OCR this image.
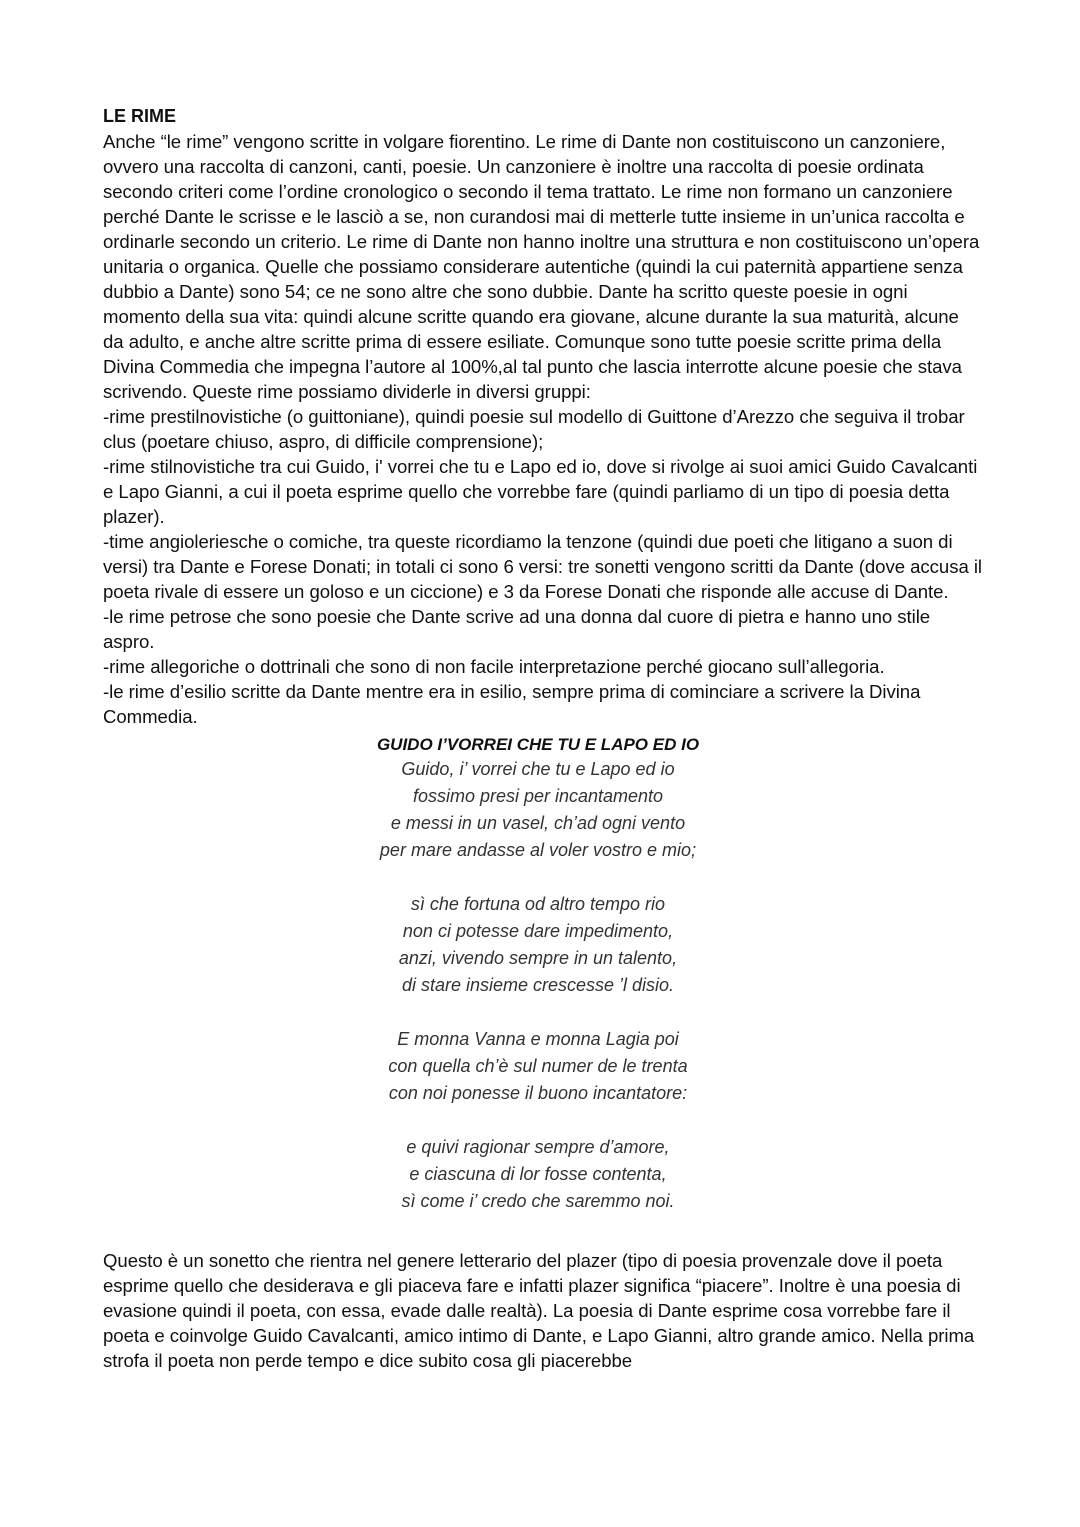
LE RIME

Anche “le rime” vengono scritte in volgare fiorentino. Le rime di Dante non costituiscono un canzoniere, ovvero una raccolta di canzoni, canti, poesie. Un canzoniere è inoltre una raccolta di poesie ordinata secondo criteri come l’ordine cronologico o secondo il tema trattato. Le rime non formano un canzoniere perché Dante le scrisse e le lasciò a se, non curandosi mai di metterle tutte insieme in un’unica raccolta e ordinarle secondo un criterio. Le rime di Dante non hanno inoltre una struttura e non costituiscono un’opera unitaria o organica. Quelle che possiamo considerare autentiche (quindi la cui paternità appartiene senza dubbio a Dante) sono 54; ce ne sono altre che sono dubbie. Dante ha scritto queste poesie in ogni momento della sua vita: quindi alcune scritte quando era giovane, alcune durante la sua maturità, alcune da adulto, e anche altre scritte prima di essere esiliate. Comunque sono tutte poesie scritte prima della Divina Commedia che impegna l’autore al 100%,al tal punto che lascia interrotte alcune poesie che stava scrivendo. Queste rime possiamo dividerle in diversi gruppi:

-rime prestilnovistiche (o guittoniane), quindi poesie sul modello di Guittone d’Arezzo che seguiva il trobar clus (poetare chiuso, aspro, di difficile comprensione);

-rime stilnovistiche tra cui Guido, i' vorrei che tu e Lapo ed io, dove si rivolge ai suoi amici Guido Cavalcanti e Lapo Gianni, a cui il poeta esprime quello che vorrebbe fare (quindi parliamo di un tipo di poesia detta plazer).

-time angioleriesche o comiche, tra queste ricordiamo la tenzone (quindi due poeti che litigano a suon di versi) tra Dante e Forese Donati; in totali ci sono 6 versi: tre sonetti vengono scritti da Dante (dove accusa il poeta rivale di essere un goloso e un ciccione) e 3 da Forese Donati che risponde alle accuse di Dante.

-le rime petrose che sono poesie che Dante scrive ad una donna dal cuore di pietra e hanno uno stile aspro.

-rime allegoriche o dottrinali che sono di non facile interpretazione perché giocano sull’allegoria.

-le rime d’esilio scritte da Dante mentre era in esilio, sempre prima di cominciare a scrivere la Divina Commedia.

GUIDO I’VORREI CHE TU E LAPO ED IO

Guido, i’ vorrei che tu e Lapo ed io
fossimo presi per incantamento
e messi in un vasel, ch’ad ogni vento
per mare andasse al voler vostro e mio;
sì che fortuna od altro tempo rio
non ci potesse dare impedimento,
anzi, vivendo sempre in un talento,
di stare insieme crescesse ’l disio.
E monna Vanna e monna Lagia poi
con quella ch’è sul numer de le trenta
con noi ponesse il buono incantatore:
e quivi ragionar sempre d’amore,
e ciascuna di lor fosse contenta,
sì come i’ credo che saremmo noi.

Questo è un sonetto che rientra nel genere letterario del plazer (tipo di poesia provenzale dove il poeta esprime quello che desiderava e gli piaceva fare e infatti plazer significa “piacere”. Inoltre è una poesia di evasione quindi il poeta, con essa, evade dalle realtà). La poesia di Dante esprime cosa vorrebbe fare il poeta e coinvolge Guido Cavalcanti, amico intimo di Dante, e Lapo Gianni, altro grande amico. Nella prima strofa il poeta non perde tempo e dice subito cosa gli piacerebbe
